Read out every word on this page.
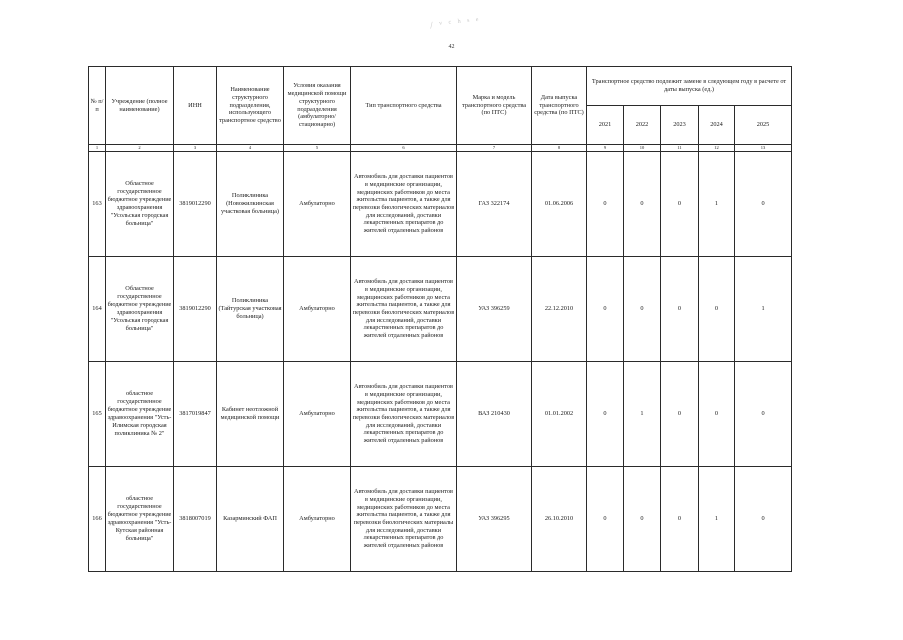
/ ᵛ ᶜ ʰ ˢ ᵉ
42
№ п/п	Учреждение (полное наименование)	ИНН	Наименование структурного подразделения, использующего транспортное средство	Условия оказания медицинской помощи структурного подразделения (амбулаторно/ стационарно)	Тип транспортного средства	Марка и модель транспортного средства (по ПТС)	Дата выпуска транспортного средства (по ПТС)	Транспортное средство подлежит замене в следующем году в расчете от даты выпуска (ед.)				
								2021	2022	2023	2024	2025
1	2	3	4	5	6	7	8	9	10	11	12	13
163	Областное государственное бюджетное учреждение здравоохранения "Усольская городская больница"	3819012290	Поликлиника (Новожилкинская участковая больница)	Амбулаторно	Автомобиль для доставки пациентов в медицинские организации, медицинских работников до места жительства пациентов, а также для перевозки биологических материалов для исследований, доставки лекарственных препаратов до жителей отдаленных районов	ГАЗ 322174	01.06.2006	0	0	0	1	0
164	Областное государственное бюджетное учреждение здравоохранения "Усольская городская больница"	3819012290	Поликлиника (Тайтурская участковая больница)	Амбулаторно	Автомобиль для доставки пациентов в медицинские организации, медицинских работников до места жительства пациентов, а также для перевозки биологических материалов для исследований, доставки лекарственных препаратов до жителей отдаленных районов	УАЗ 396259	22.12.2010	0	0	0	0	1
165	областное государственное бюджетное учреждение здравоохранения "Усть-Илимская городская поликлиника № 2"	3817019847	Кабинет неотложной медицинской помощи	Амбулаторно	Автомобиль для доставки пациентов в медицинские организации, медицинских работников до места жительства пациентов, а также для перевозки биологических материалов для исследований, доставки лекарственных препаратов до жителей отдаленных районов	ВАЗ 210430	01.01.2002	0	1	0	0	0
166	областное государственное бюджетное учреждение здравоохранения "Усть-Кутская районная больница"	3818007019	Казарминский ФАП	Амбулаторно	Автомобиль для доставки пациентов в медицинские организации, медицинских работников до места жительства пациентов, а также для перевозки биологических материалы для исследований, доставки лекарственных препаратов до жителей отдаленных районов	УАЗ 396295	26.10.2010	0	0	0	1	0
